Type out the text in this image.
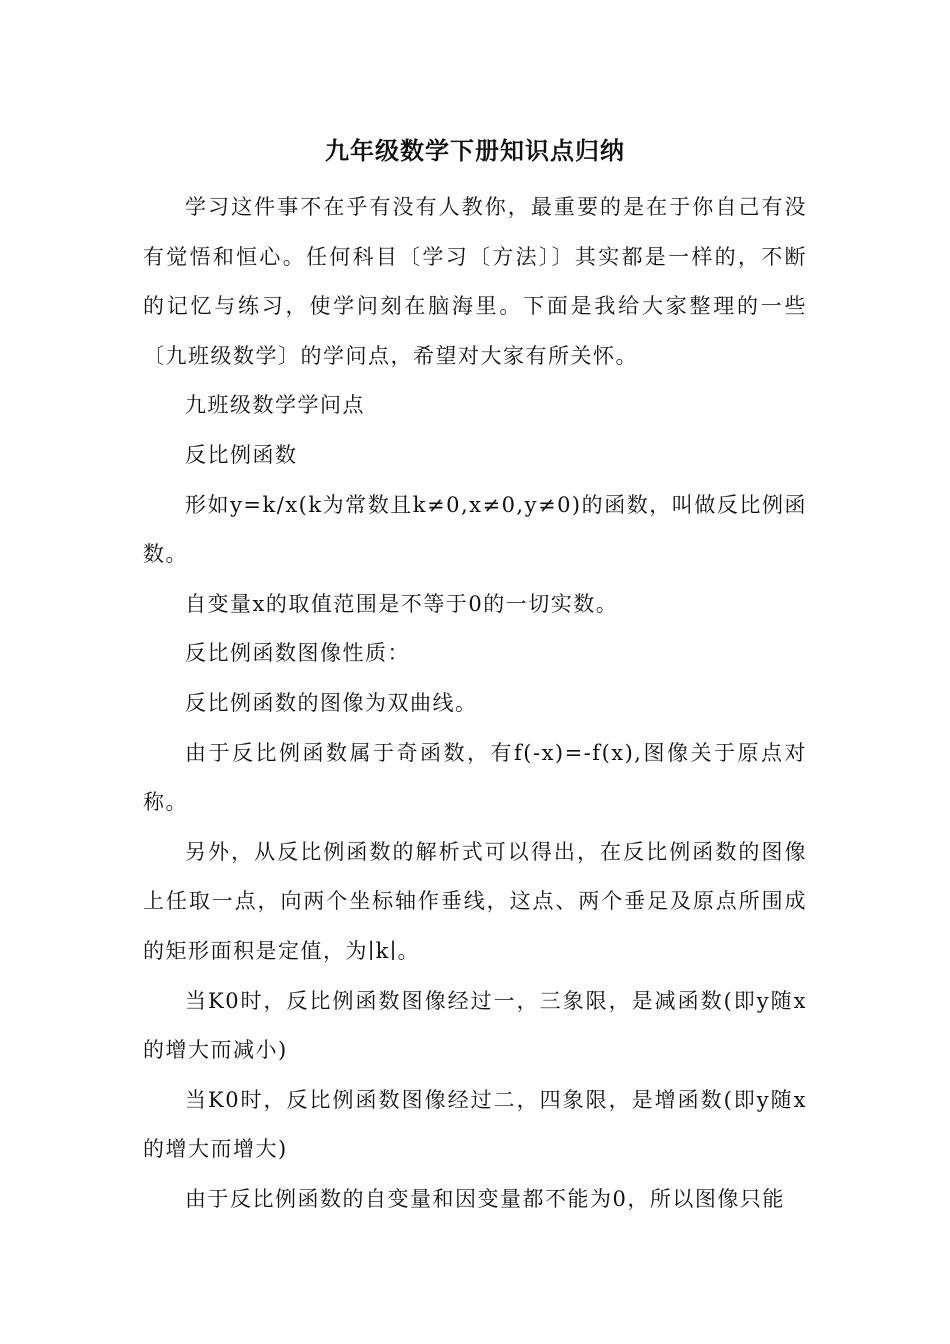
九年级数学下册知识点归纳

学习这件事不在乎有没有人教你，最重要的是在于你自己有没有觉悟和恒心。任何科目〔学习〔方法〕〕其实都是一样的，不断的记忆与练习，使学问刻在脑海里。下面是我给大家整理的一些〔九班级数学〕的学问点，希望对大家有所关怀。

九班级数学学问点

反比例函数

形如y=k/x(k为常数且k≠0,x≠0,y≠0)的函数，叫做反比例函数。

自变量x的取值范围是不等于0的一切实数。

反比例函数图像性质：

反比例函数的图像为双曲线。

由于反比例函数属于奇函数，有f(-x)=-f(x),图像关于原点对称。

另外，从反比例函数的解析式可以得出，在反比例函数的图像上任取一点，向两个坐标轴作垂线，这点、两个垂足及原点所围成的矩形面积是定值，为∣k∣。

当K0时，反比例函数图像经过一，三象限，是减函数(即y随x的增大而减小)

当K0时，反比例函数图像经过二，四象限，是增函数(即y随x的增大而增大)

由于反比例函数的自变量和因变量都不能为0，所以图像只能
